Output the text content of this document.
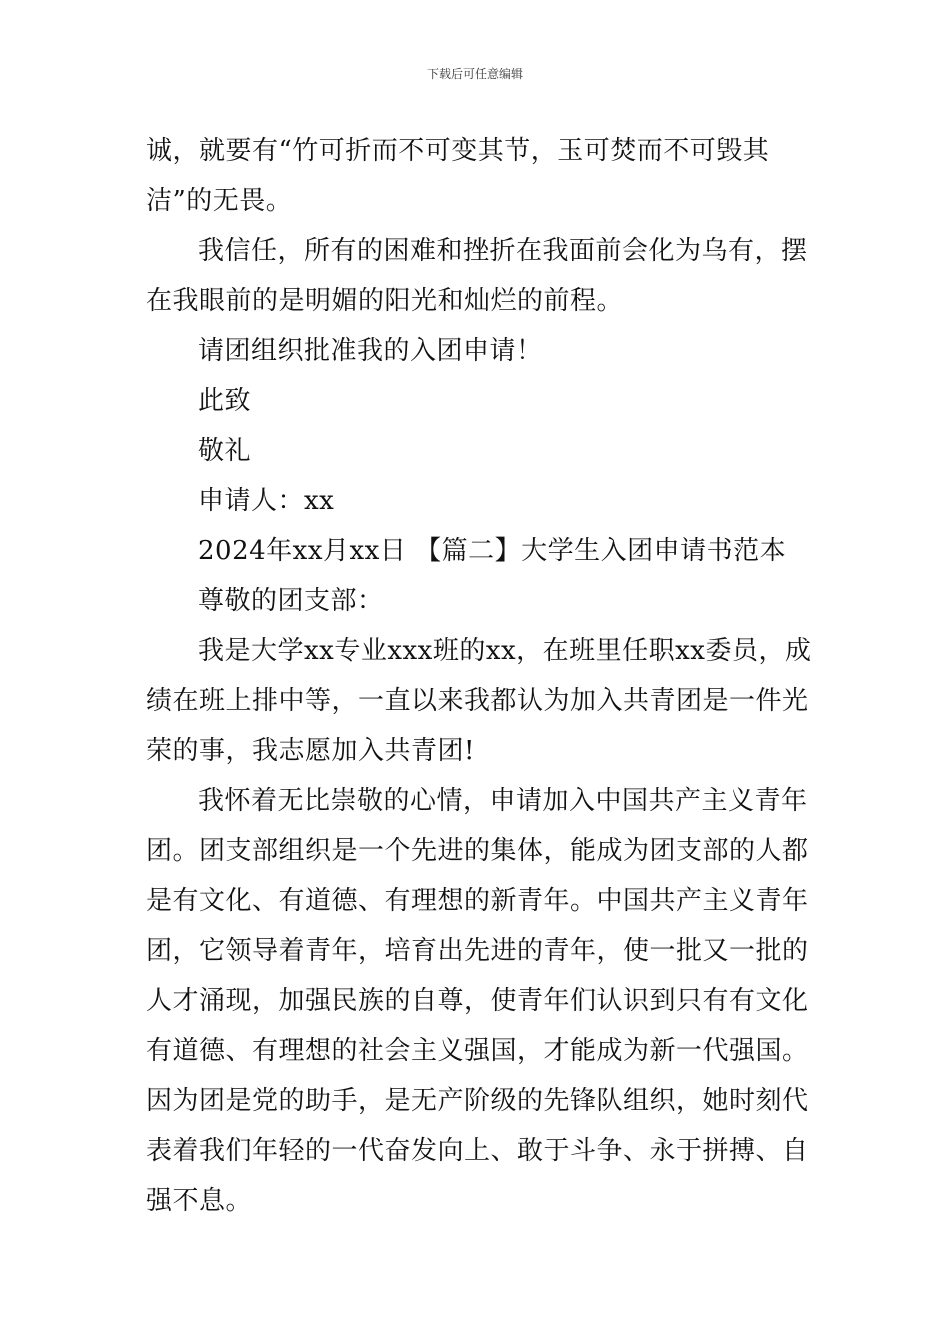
下载后可任意编辑
诚，就要有“竹可折而不可变其节，玉可焚而不可毁其
洁”的无畏。
我信任，所有的困难和挫折在我面前会化为乌有，摆
在我眼前的是明媚的阳光和灿烂的前程。
请团组织批准我的入团申请！
此致
敬礼
申请人：xx
2024年xx月xx日 【篇二】大学生入团申请书范本
尊敬的团支部：
我是大学xx专业xxx班的xx，在班里任职xx委员，成
绩在班上排中等，一直以来我都认为加入共青团是一件光
荣的事，我志愿加入共青团!
我怀着无比崇敬的心情，申请加入中国共产主义青年
团。团支部组织是一个先进的集体，能成为团支部的人都
是有文化、有道德、有理想的新青年。中国共产主义青年
团，它领导着青年，培育出先进的青年，使一批又一批的
人才涌现，加强民族的自尊，使青年们认识到只有有文化
有道德、有理想的社会主义强国，才能成为新一代强国。
因为团是党的助手，是无产阶级的先锋队组织，她时刻代
表着我们年轻的一代奋发向上、敢于斗争、永于拼搏、自
强不息。
